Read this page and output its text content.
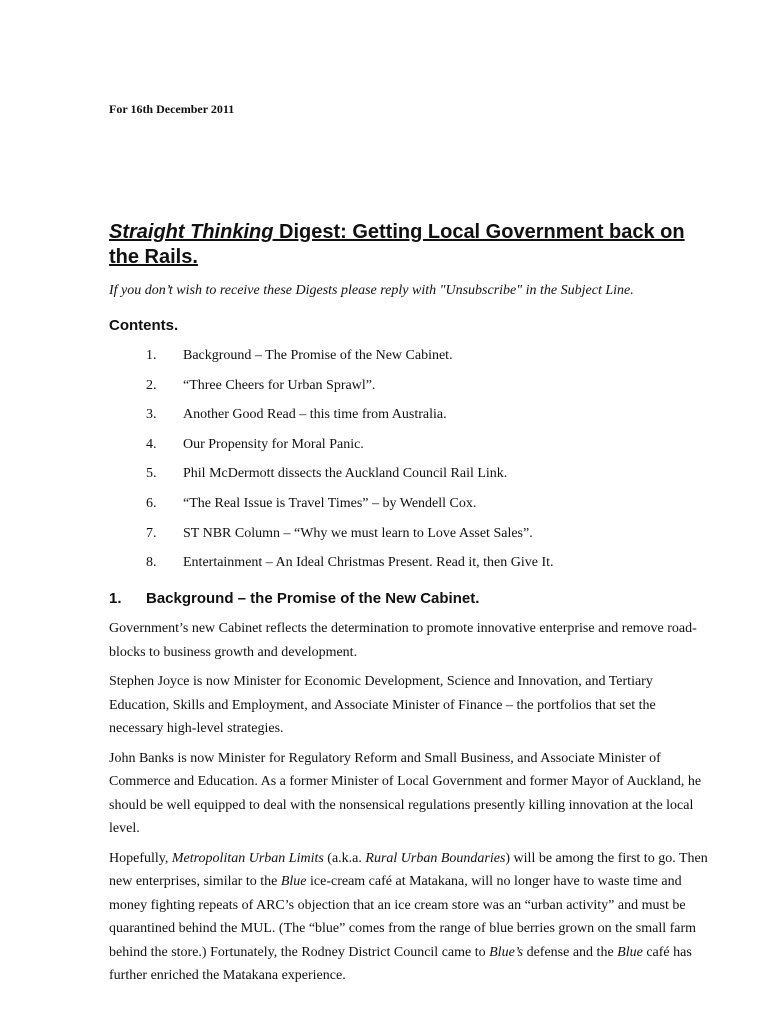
For 16th December 2011
Straight Thinking Digest: Getting Local Government back on the Rails.
If you don’t wish to receive these Digests please reply with "Unsubscribe" in the Subject Line.
Contents.
1.	Background – The Promise of the New Cabinet.
2.	“Three Cheers for Urban Sprawl”.
3.	Another Good Read – this time from Australia.
4.	Our Propensity for Moral Panic.
5.	Phil McDermott dissects the Auckland Council Rail Link.
6.	“The Real Issue is Travel Times” – by Wendell Cox.
7.	ST NBR Column – “Why we must learn to Love Asset Sales”.
8.	Entertainment – An Ideal Christmas Present. Read it, then Give It.
1. Background – the Promise of the New Cabinet.

Government’s new Cabinet reflects the determination to promote innovative enterprise and remove road-blocks to business growth and development.

Stephen Joyce is now Minister for Economic Development, Science and Innovation, and Tertiary Education, Skills and Employment, and Associate Minister of Finance – the portfolios that set the necessary high-level strategies.

John Banks is now Minister for Regulatory Reform and Small Business, and Associate Minister of Commerce and Education. As a former Minister of Local Government and former Mayor of Auckland, he should be well equipped to deal with the nonsensical regulations presently killing innovation at the local level.

Hopefully, Metropolitan Urban Limits (a.k.a. Rural Urban Boundaries) will be among the first to go. Then new enterprises, similar to the Blue ice-cream café at Matakana, will no longer have to waste time and money fighting repeats of ARC’s objection that an ice cream store was an “urban activity” and must be quarantined behind the MUL. (The “blue” comes from the range of blue berries grown on the small farm behind the store.) Fortunately, the Rodney District Council came to Blue’s defense and the Blue café has further enriched the Matakana experience.
